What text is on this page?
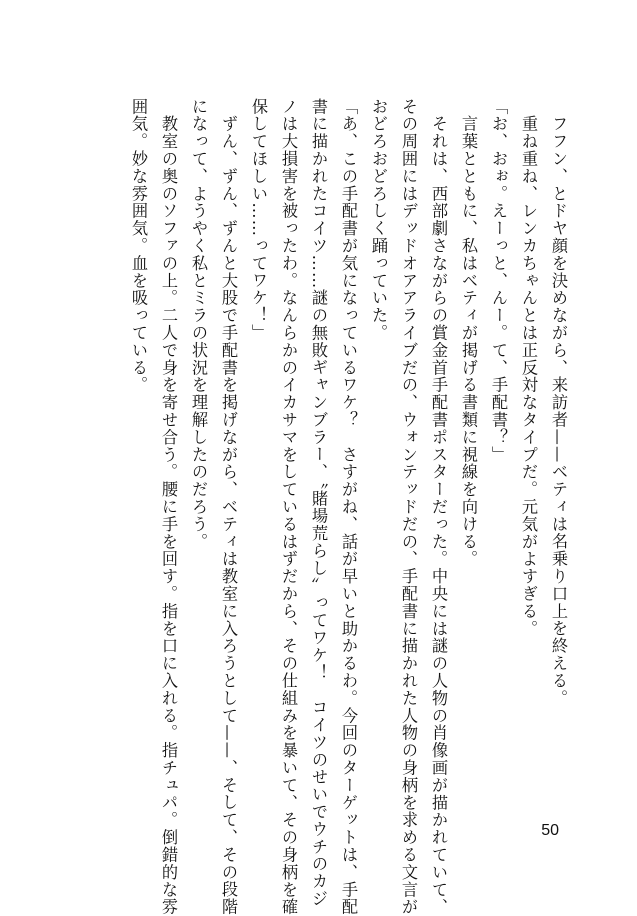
　フフン、とドヤ顔を決めながら、来訪者——ベティは名乗り口上を終える。

　重ね重ね、レンカちゃんとは正反対なタイプだ。元気がよすぎる。

「お、おぉ。えーっと、んー。て、手配書？」

　言葉とともに、私はベティが掲げる書類に視線を向ける。

　それは、西部劇さながらの賞金首手配書ポスターだった。中央には謎の人物の肖像画が描かれていて、

その周囲にはデッドオアアライブだの、ウォンテッドだの、手配書に描かれた人物の身柄を求める文言が

おどろおどろしく踊っていた。

「あ、この手配書が気になっているワケ？　さすがね、話が早いと助かるわ。今回のターゲットは、手配

書に描かれたコイツ……謎の無敗ギャンブラー、〝賭場荒らし〟ってワケ！　コイツのせいでウチのカジ

ノは大損害を被ったわ。なんらかのイカサマをしているはずだから、その仕組みを暴いて、その身柄を確

保してほしい……ってワケ！」

　ずん、ずん、ずんと大股で手配書を掲げながら、ベティは教室に入ろうとして——、そして、その段階

になって、ようやく私とミラの状況を理解したのだろう。

　教室の奥のソファの上。二人で身を寄せ合う。腰に手を回す。指を口に入れる。指チュパ。倒錯的な雰

囲気。妙な雰囲気。血を吸っている。

50
